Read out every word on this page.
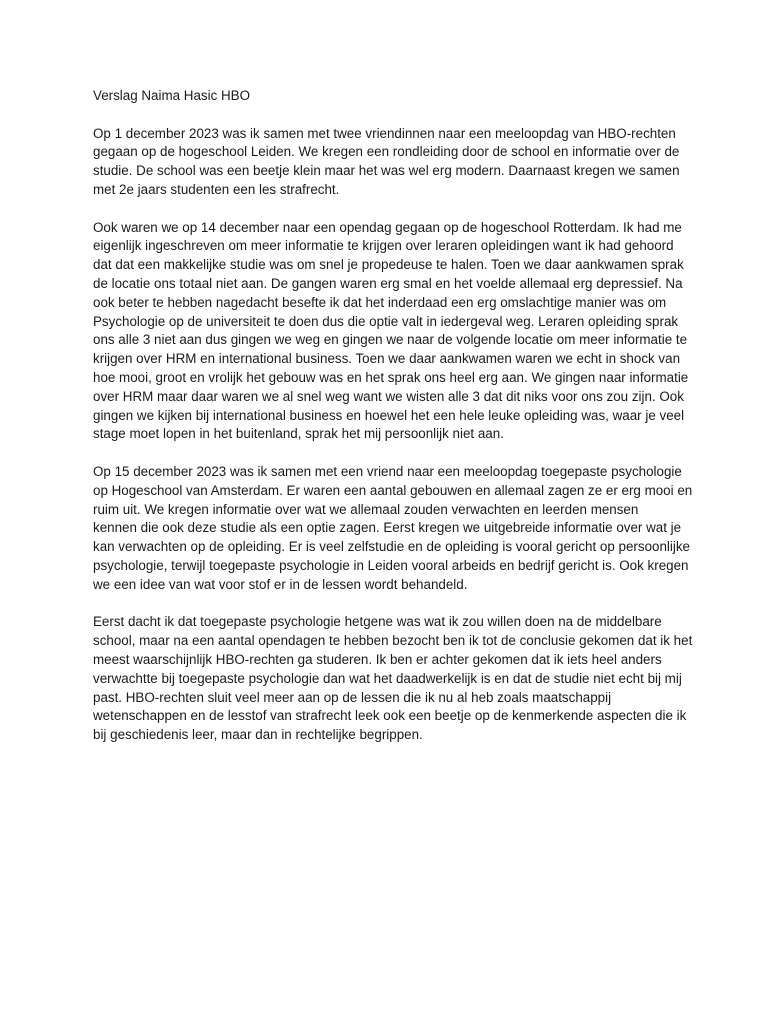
Verslag Naima Hasic HBO
Op 1 december 2023 was ik samen met twee vriendinnen naar een meeloopdag van HBO-rechten
gegaan op de hogeschool Leiden. We kregen een rondleiding door de school en informatie over de
studie. De school was een beetje klein maar het was wel erg modern. Daarnaast kregen we samen
met 2e jaars studenten een les strafrecht.
Ook waren we op 14 december naar een opendag gegaan op de hogeschool Rotterdam. Ik had me
eigenlijk ingeschreven om meer informatie te krijgen over leraren opleidingen want ik had gehoord
dat dat een makkelijke studie was om snel je propedeuse te halen. Toen we daar aankwamen sprak
de locatie ons totaal niet aan. De gangen waren erg smal en het voelde allemaal erg depressief. Na
ook beter te hebben nagedacht besefte ik dat het inderdaad een erg omslachtige manier was om
Psychologie op de universiteit te doen dus die optie valt in iedergeval weg. Leraren opleiding sprak
ons alle 3 niet aan dus gingen we weg en gingen we naar de volgende locatie om meer informatie te
krijgen over HRM en international business. Toen we daar aankwamen waren we echt in shock van
hoe mooi, groot en vrolijk het gebouw was en het sprak ons heel erg aan. We gingen naar informatie
over HRM maar daar waren we al snel weg want we wisten alle 3 dat dit niks voor ons zou zijn. Ook
gingen we kijken bij international business en hoewel het een hele leuke opleiding was, waar je veel
stage moet lopen in het buitenland, sprak het mij persoonlijk niet aan.
Op 15 december 2023 was ik samen met een vriend naar een meeloopdag toegepaste psychologie
op Hogeschool van Amsterdam. Er waren een aantal gebouwen en allemaal zagen ze er erg mooi en
ruim uit. We kregen informatie over wat we allemaal zouden verwachten en leerden mensen
kennen die ook deze studie als een optie zagen. Eerst kregen we uitgebreide informatie over wat je
kan verwachten op de opleiding. Er is veel zelfstudie en de opleiding is vooral gericht op persoonlijke
psychologie, terwijl toegepaste psychologie in Leiden vooral arbeids en bedrijf gericht is. Ook kregen
we een idee van wat voor stof er in de lessen wordt behandeld.
Eerst dacht ik dat toegepaste psychologie hetgene was wat ik zou willen doen na de middelbare
school, maar na een aantal opendagen te hebben bezocht ben ik tot de conclusie gekomen dat ik het
meest waarschijnlijk HBO-rechten ga studeren. Ik ben er achter gekomen dat ik iets heel anders
verwachtte bij toegepaste psychologie dan wat het daadwerkelijk is en dat de studie niet echt bij mij
past. HBO-rechten sluit veel meer aan op de lessen die ik nu al heb zoals maatschappij
wetenschappen en de lesstof van strafrecht leek ook een beetje op de kenmerkende aspecten die ik
bij geschiedenis leer, maar dan in rechtelijke begrippen.
